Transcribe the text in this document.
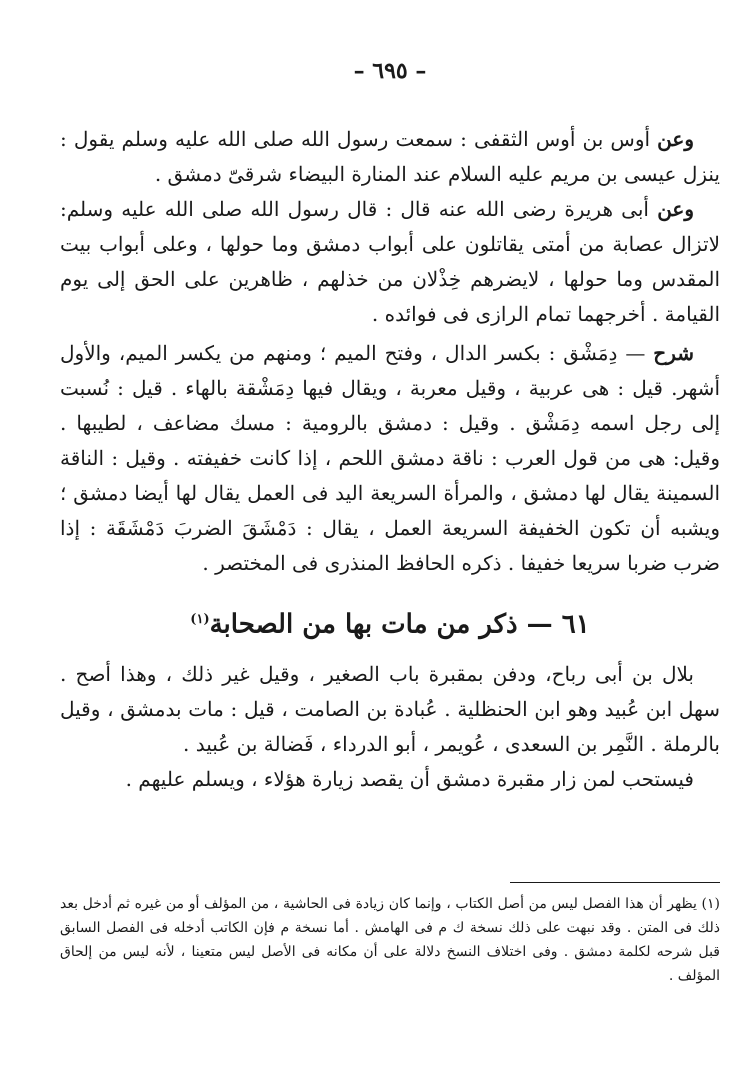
– ٦٩٥ –

وعن أوس بن أوس الثقفى : سمعت رسول الله صلى الله عليه وسلم يقول : ينزل عيسى بن مريم عليه السلام عند المنارة البيضاء شرقىّ دمشق .

وعن أبى هريرة رضى الله عنه قال : قال رسول الله صلى الله عليه وسلم: لاتزال عصابة من أمتى يقاتلون على أبواب دمشق وما حولها ، وعلى أبواب بيت المقدس وما حولها ، لايضرهم خِذْلان من خذلهم ، ظاهرين على الحق إلى يوم القيامة . أخرجهما تمام الرازى فى فوائده .

شرح — دِمَشْق : بكسر الدال ، وفتح الميم ؛ ومنهم من يكسر الميم، والأول أشهر. قيل : هى عربية ، وقيل معربة ، ويقال فيها دِمَشْقة بالهاء . قيل : نُسبت إلى رجل اسمه دِمَشْق . وقيل : دمشق بالرومية : مسك مضاعف ، لطيبها . وقيل: هى من قول العرب : ناقة دمشق اللحم ، إذا كانت خفيفته . وقيل : الناقة السمينة يقال لها دمشق ، والمرأة السريعة اليد فى العمل يقال لها أيضا دمشق ؛ ويشبه أن تكون الخفيفة السريعة العمل ، يقال : دَمْشَقَ الضربَ دَمْشَقَة : إذا ضرب ضربا سريعا خفيفا . ذكره الحافظ المنذرى فى المختصر .

٦١ — ذكر من مات بها من الصحابة$^{(١)}$

بلال بن أبى رباح، ودفن بمقبرة باب الصغير ، وقيل غير ذلك ، وهذا أصح . سهل ابن عُبيد وهو ابن الحنظلية . عُبادة بن الصامت ، قيل : مات بدمشق ، وقيل بالرملة . النَّمِر بن السعدى ، عُويمر ، أبو الدرداء ، فَضالة بن عُبيد .

فيستحب لمن زار مقبرة دمشق أن يقصد زيارة هؤلاء ، ويسلم عليهم .

(١) يظهر أن هذا الفصل ليس من أصل الكتاب ، وإنما كان زيادة فى الحاشية ، من المؤلف أو من غيره ثم أدخل بعد ذلك فى المتن . وقد نبهت على ذلك نسخة ك م فى الهامش . أما نسخة م فإن الكاتب أدخله فى الفصل السابق قبل شرحه لكلمة دمشق . وفى اختلاف النسخ دلالة على أن مكانه فى الأصل ليس متعينا ، لأنه ليس من إلحاق المؤلف .
